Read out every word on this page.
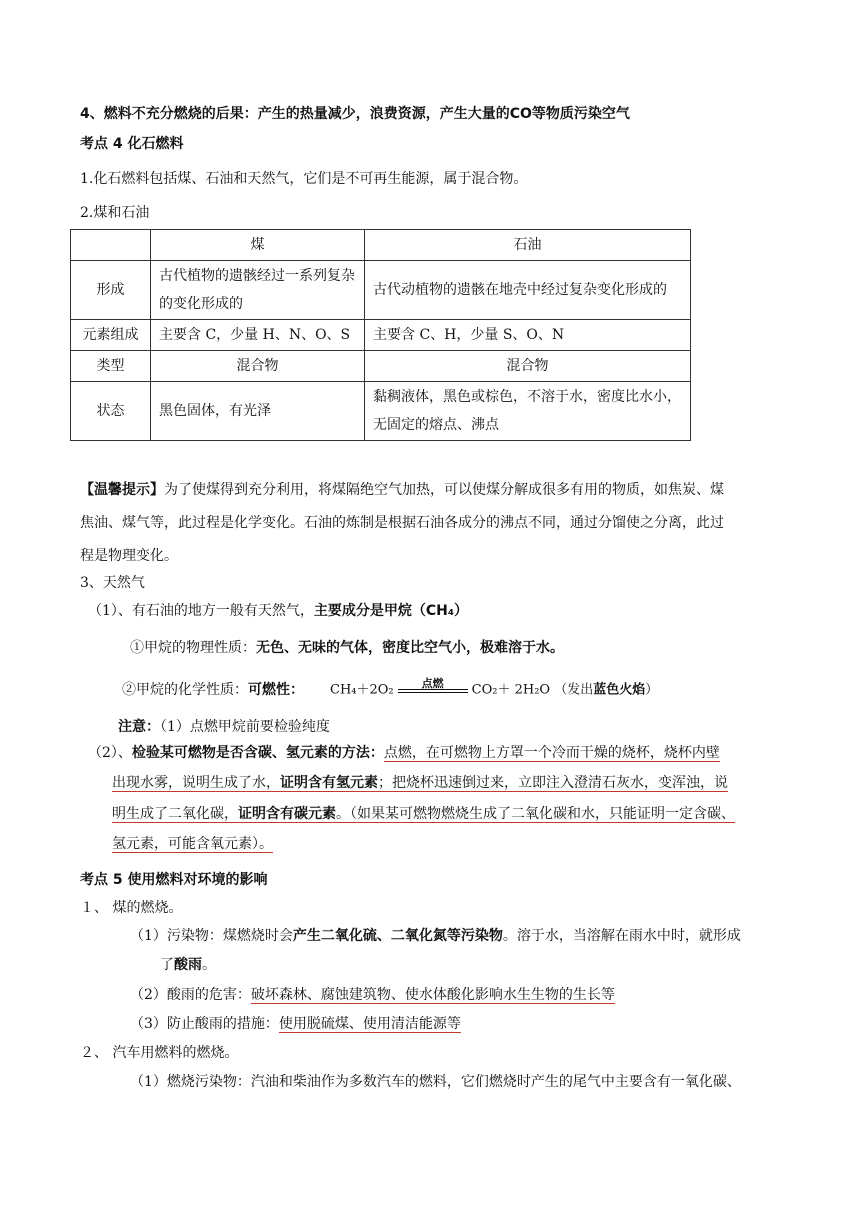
4、燃料不充分燃烧的后果：产生的热量减少，浪费资源，产生大量的CO等物质污染空气
考点 4 化石燃料
1.化石燃料包括煤、石油和天然气，它们是不可再生能源，属于混合物。
2.煤和石油
	煤	石油
形成	古代植物的遗骸经过一系列复杂的变化形成的	古代动植物的遗骸在地壳中经过复杂变化形成的
元素组成	主要含 C，少量 H、N、O、S	主要含 C、H，少量 S、O、N
类型	混合物	混合物
状态	黑色固体，有光泽	黏稠液体，黑色或棕色，不溶于水，密度比水小，无固定的熔点、沸点
【温馨提示】为了使煤得到充分利用，将煤隔绝空气加热，可以使煤分解成很多有用的物质，如焦炭、煤
焦油、煤气等，此过程是化学变化。石油的炼制是根据石油各成分的沸点不同，通过分馏使之分离，此过
程是物理变化。
3、天然气
（1）、有石油的地方一般有天然气，主要成分是甲烷（CH₄）
①甲烷的物理性质：无色、无味的气体，密度比空气小，极难溶于水。
②甲烷的化学性质：可燃性： CH₄＋2O₂	点燃	CO₂＋ 2H₂O （发出蓝色火焰）
注意：（1）点燃甲烷前要检验纯度
（2）、检验某可燃物是否含碳、氢元素的方法：点燃，在可燃物上方罩一个冷而干燥的烧杯，烧杯内壁
出现水雾，说明生成了水，证明含有氢元素；把烧杯迅速倒过来，立即注入澄清石灰水，变浑浊，说
明生成了二氧化碳，证明含有碳元素。（如果某可燃物燃烧生成了二氧化碳和水，只能证明一定含碳、
氢元素，可能含氧元素）。
考点 5 使用燃料对环境的影响
１、 煤的燃烧。
（1）污染物：煤燃烧时会产生二氧化硫、二氧化氮等污染物。溶于水，当溶解在雨水中时，就形成
了酸雨。
（2）酸雨的危害：破坏森林、腐蚀建筑物、使水体酸化影响水生生物的生长等
（3）防止酸雨的措施：使用脱硫煤、使用清洁能源等
２、 汽车用燃料的燃烧。
（1）燃烧污染物：汽油和柴油作为多数汽车的燃料，它们燃烧时产生的尾气中主要含有一氧化碳、
